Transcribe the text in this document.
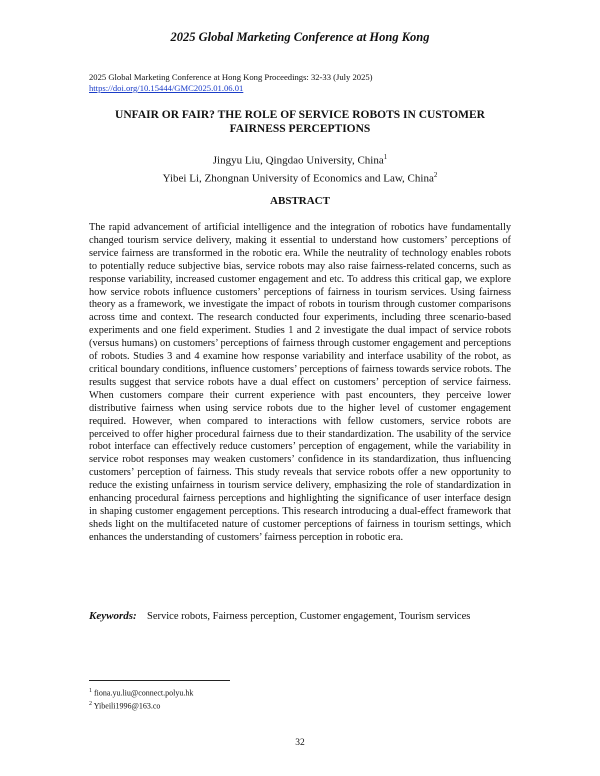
2025 Global Marketing Conference at Hong Kong
2025 Global Marketing Conference at Hong Kong Proceedings: 32-33 (July 2025)
https://doi.org/10.15444/GMC2025.01.06.01
UNFAIR OR FAIR? THE ROLE OF SERVICE ROBOTS IN CUSTOMER FAIRNESS PERCEPTIONS
Jingyu Liu, Qingdao University, China$^1$
Yibei Li, Zhongnan University of Economics and Law, China$^2$
ABSTRACT

The rapid advancement of artificial intelligence and the integration of robotics have fundamentally changed tourism service delivery, making it essential to understand how customers’ perceptions of service fairness are transformed in the robotic era. While the neutrality of technology enables robots to potentially reduce subjective bias, service robots may also raise fairness-related concerns, such as response variability, increased customer engagement and etc. To address this critical gap, we explore how service robots influence customers’ perceptions of fairness in tourism services. Using fairness theory as a framework, we investigate the impact of robots in tourism through customer comparisons across time and context. The research conducted four experiments, including three scenario-based experiments and one field experiment. Studies 1 and 2 investigate the dual impact of service robots (versus humans) on customers’ perceptions of fairness through customer engagement and perceptions of robots. Studies 3 and 4 examine how response variability and interface usability of the robot, as critical boundary conditions, influence customers’ perceptions of fairness towards service robots. The results suggest that service robots have a dual effect on customers’ perception of service fairness. When customers compare their current experience with past encounters, they perceive lower distributive fairness when using service robots due to the higher level of customer engagement required. However, when compared to interactions with fellow customers, service robots are perceived to offer higher procedural fairness due to their standardization. The usability of the service robot interface can effectively reduce customers’ perception of engagement, while the variability in service robot responses may weaken customers’ confidence in its standardization, thus influencing customers’ perception of fairness. This study reveals that service robots offer a new opportunity to reduce the existing unfairness in tourism service delivery, emphasizing the role of standardization in enhancing procedural fairness perceptions and highlighting the significance of user interface design in shaping customer engagement perceptions. This research introducing a dual-effect framework that sheds light on the multifaceted nature of customer perceptions of fairness in tourism settings, which enhances the understanding of customers’ fairness perception in robotic era.

Keywords: Service robots, Fairness perception, Customer engagement, Tourism services
$^1$ fiona.yu.liu@connect.polyu.hk
$^2$ Yibeili1996@163.co
32
